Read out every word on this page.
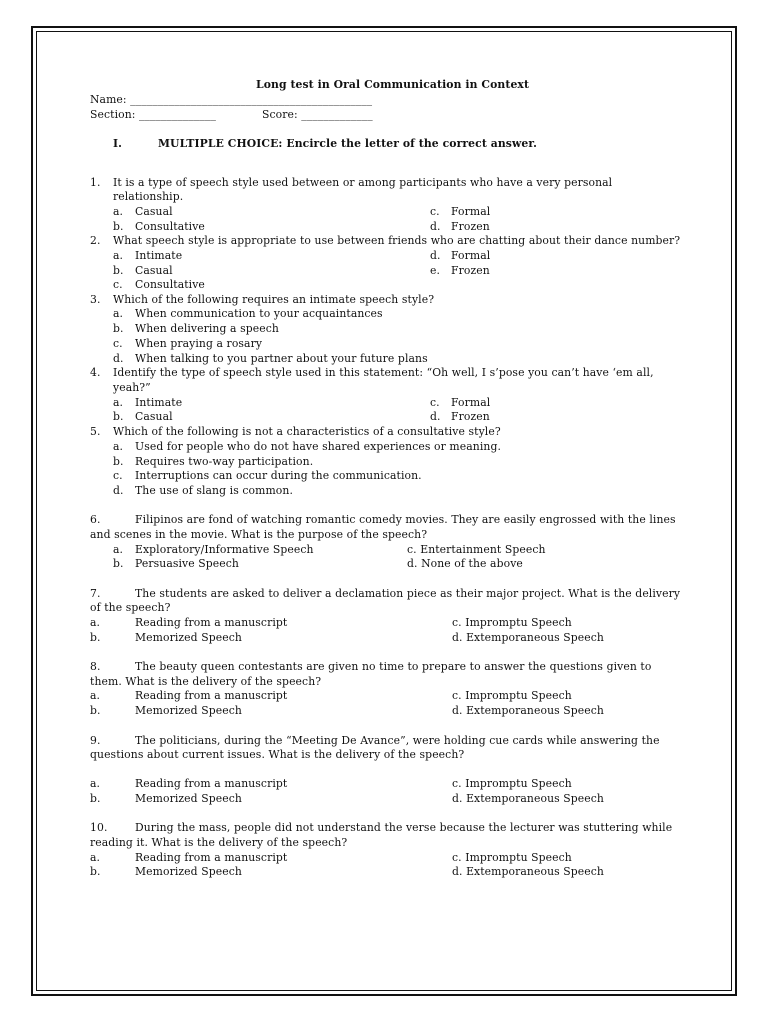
Long test in Oral Communication in Context
Name: ____________________________________________
Section: ______________	Score: _____________
I.	MULTIPLE CHOICE: Encircle the letter of the correct answer.
1. It is a type of speech style used between or among participants who have a very personal
relationship.
a. Casual	c. Formal
b. Consultative	d. Frozen
2. What speech style is appropriate to use between friends who are chatting about their dance number?
a. Intimate	d. Formal
b. Casual	e. Frozen
c. Consultative
3. Which of the following requires an intimate speech style?
a. When communication to your acquaintances
b. When delivering a speech
c. When praying a rosary
d. When talking to you partner about your future plans
4. Identify the type of speech style used in this statement: “Oh well, I s’pose you can’t have ‘em all,
yeah?”
a. Intimate	c. Formal
b. Casual	d. Frozen
5. Which of the following is not a characteristics of a consultative style?
a. Used for people who do not have shared experiences or meaning.
b. Requires two-way participation.
c. Interruptions can occur during the communication.
d. The use of slang is common.
6.	Filipinos are fond of watching romantic comedy movies. They are easily engrossed with the lines
and scenes in the movie. What is the purpose of the speech?
a. Exploratory/Informative Speech	c. Entertainment Speech
b. Persuasive Speech	d. None of the above
7.	The students are asked to deliver a declamation piece as their major project. What is the delivery
of the speech?
a.	Reading from a manuscript	c. Impromptu Speech
b.	Memorized Speech	d. Extemporaneous Speech
8.	The beauty queen contestants are given no time to prepare to answer the questions given to
them. What is the delivery of the speech?
a.	Reading from a manuscript	c. Impromptu Speech
b.	Memorized Speech	d. Extemporaneous Speech
9.	The politicians, during the “Meeting De Avance”, were holding cue cards while answering the
questions about current issues. What is the delivery of the speech?
a.	Reading from a manuscript	c. Impromptu Speech
b.	Memorized Speech	d. Extemporaneous Speech
10.	During the mass, people did not understand the verse because the lecturer was stuttering while
reading it. What is the delivery of the speech?
a.	Reading from a manuscript	c. Impromptu Speech
b.	Memorized Speech	d. Extemporaneous Speech
